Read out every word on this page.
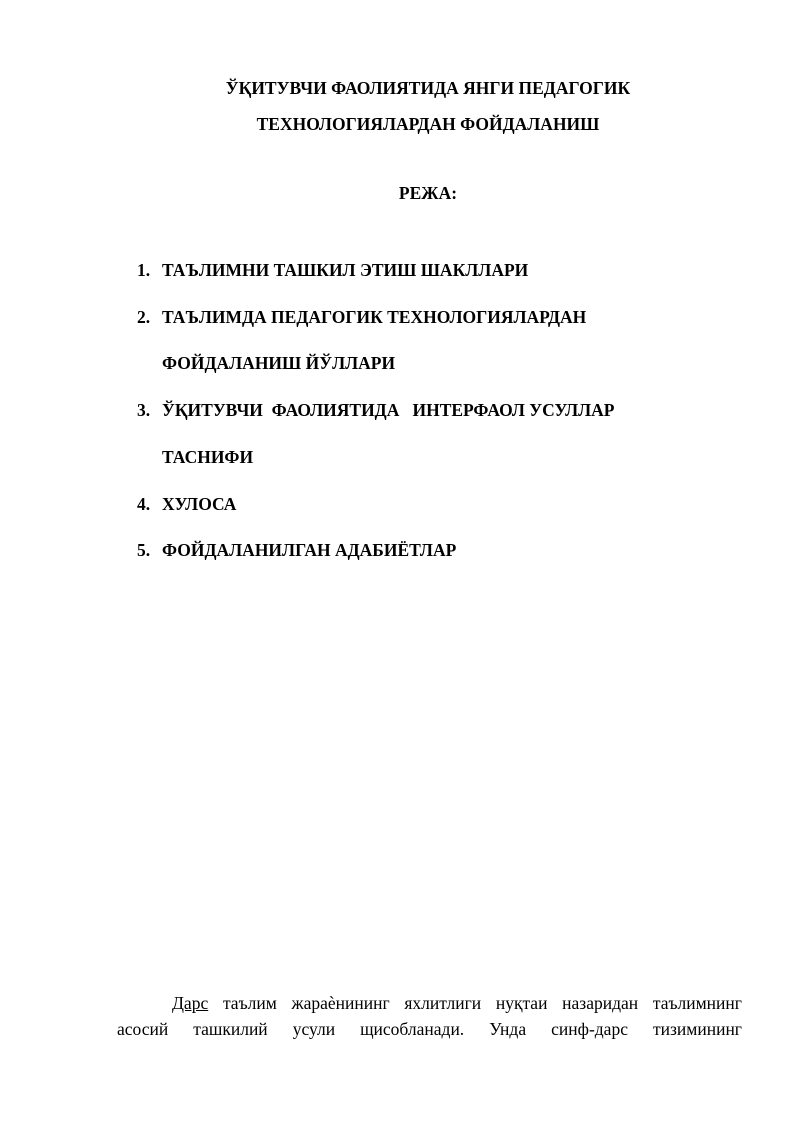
ЎҚИТУВЧИ ФАОЛИЯТИДА ЯНГИ ПЕДАГОГИК
ТЕХНОЛОГИЯЛАРДАН ФОЙДАЛАНИШ
РЕЖА:
1. ТАЪЛИМНИ ТАШКИЛ ЭТИШ ШАКЛЛАРИ
2. ТАЪЛИМДА ПЕДАГОГИК ТЕХНОЛОГИЯЛАРДАН
ФОЙДАЛАНИШ ЙЎЛЛАРИ
3. ЎҚИТУВЧИ  ФАОЛИЯТИДА   ИНТЕРФАОЛ УСУЛЛАР
ТАСНИФИ
4. ХУЛОСА
5. ФОЙДАЛАНИЛГАН АДАБИЁТЛАР
Дарс таълим жараѐнининг яхлитлиги нуқтаи назаридан таълимнинг
асосий ташкилий усули щисобланади. Унда синф-дарс тизимининг
